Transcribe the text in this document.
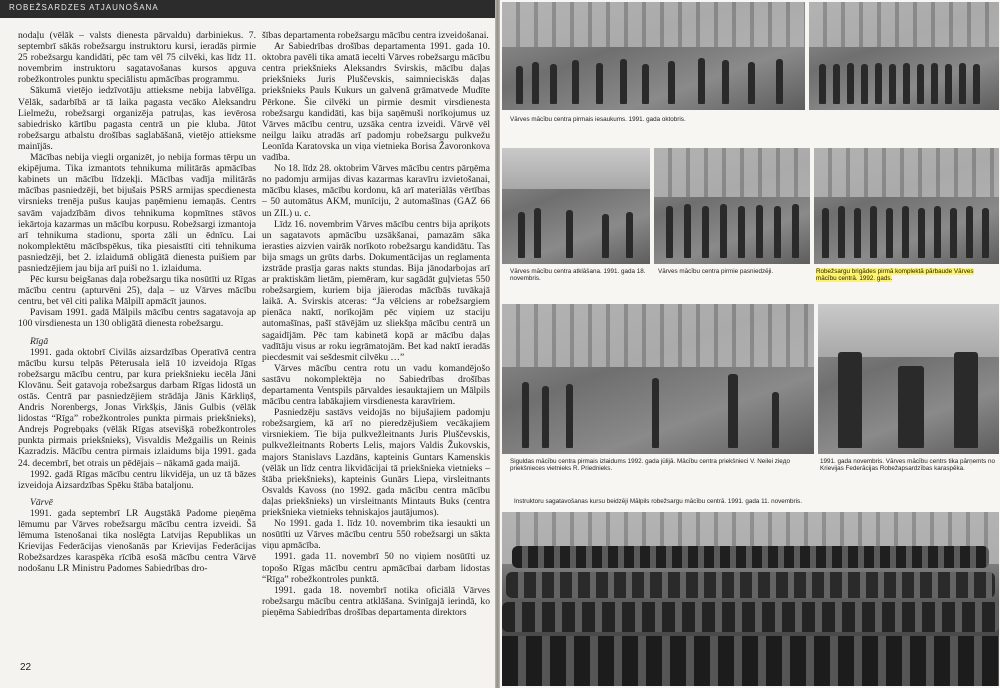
ROBEŽSARDZES ATJAUNOŠANA

nodaļu (vēlāk – valsts dienesta pārvaldu) darbiniekus. 7. septembrī sākās robežsargu instruktoru kursi, ieradās pirmie 25 robežsargu kandidāti, pēc tam vēl 75 cilvēki, kas līdz 11. novembrim instruktoru sagatavošanas kursos apguva robežkontroles punktu speciālistu apmācības programmu.

Sākumā vietējo iedzīvotāju attieksme nebija labvēlīga. Vēlāk, sadarbībā ar tā laika pagasta vecāko Aleksandru Lielmežu, robežsargi organizēja patruļas, kas ievērosa sabiedrisko kārtību pagasta centrā un pie kluba. Jūtot robežsargu atbalstu drošības saglabāšanā, vietējo attieksme mainījās.

Mācības nebija viegli organizēt, jo nebija formas tērpu un ekipējuma. Tika izmantots tehnikuma militārās apmācības kabinets un mācību līdzekļi. Mācības vadīja militārās mācības pasniedzēji, bet bijušais PSRS armijas specdienesta virsnieks trenēja pušus kaujas paņēmienu iemaņās. Centrs savām vajadzībām divos tehnikuma kopmītnes stāvos iekārtoja kazarmas un mācību korpusu. Robežsargi izmantoja arī tehnikuma stadionu, sporta zāli un ēdnīcu. Lai nokomplektētu mācībspēkus, tika piesaistīti citi tehnikuma pasniedzēji, bet 2. izlaidumā obligātā dienesta puišiem par pasniedzējiem jau bija arī puiši no 1. izlaiduma.

Pēc kursu beigšanas daļa robežsargu tika nosūtīti uz Rīgas mācību centru (apturvēni 25), daļa – uz Vārves mācību centru, bet vēl citi palika Mālpilī apmācīt jaunos.

Pavisam 1991. gadā Mālpils mācību centrs sagatavoja ap 100 virsdienesta un 130 obligātā dienesta robežsargu.

Rīgā

1991. gada oktobrī Civilās aizsardzības Operatīvā centra mācību kursu telpās Pēterusala ielā 10 izveidoja Rīgas robežsargu mācību centru, par kura priekšnieku iecēla Jāni Klovānu. Šeit gatavoja robežsargus darbam Rīgas lidostā un ostās. Centrā par pasniedzējiem strādāja Jānis Kārkliņš, Andris Norenbergs, Jonas Virkšķis, Jānis Gulbis (vēlāk lidostas “Rīga” robežkontroles punkta pirmais priekšnieks), Andrejs Pogrebņaks (vēlāk Rīgas atsevišķā robežkontroles punkta pirmais priekšnieks), Visvaldis Mežgailis un Reinis Kazradzis. Mācību centra pirmais izlaidums bija 1991. gada 24. decembrī, bet otrais un pēdējais – nākamā gada maijā.

1992. gadā Rīgas mācību centru likvidēja, un uz tā bāzes izveidoja Aizsardzības Spēku štāba bataljonu.

Vārvē

1991. gada septembrī LR Augstākā Padome pieņēma lēmumu par Vārves robežsargu mācību centra izveidi. Šā lēmuma īstenošanai tika noslēgta Latvijas Republikas un Krievijas Federācijas vienošanās par Krievijas Federācijas Robežsardzes karaspēka rīcībā esošā mācību centra Vārvē nodošanu LR Ministru Padomes Sabiedrības dro-

šības departamenta robežsargu mācību centra izveidošanai.

Ar Sabiedrības drošības departamenta 1991. gada 10. oktobra pavēli tika amatā iecelti Vārves robežsargu mācību centra priekšnieks Aleksandrs Svirskis, mācību daļas priekšnieks Juris Pluščevskis, saimnieciskās daļas priekšnieks Pauls Kukurs un galvenā grāmatvede Mudīte Pērkone. Šie cilvēki un pirmie desmit virsdienesta robežsargu kandidāti, kas bija saņēmuši norīkojumus uz Vārves mācību centru, uzsāka centra izveidi. Vārvē vēl neilgu laiku atradās arī padomju robežsargu pulkvežu Leonīda Karatovska un viņa vietnieka Borisa Žavoronkova vadība.

No 18. līdz 28. oktobrim Vārves mācību centrs pārņēma no padomju armijas divas kazarmas karavīru izvietošanai, mācību klases, mācību kordonu, kā arī materiālās vērtības – 50 automātus AKM, munīciju, 2 automašīnas (GAZ 66 un ZIL) u. c.

Līdz 16. novembrim Vārves mācību centrs bija apriķots un sagatavots apmācību uzsākšanai, pamazām sāka ierasties aizvien vairāk norīkoto robežsargu kandidātu. Tas bija smags un grūts darbs. Dokumentācijas un reglamenta izstrāde prasīja garas nakts stundas. Bija jānodarbojas arī ar praktiskām lietām, piemēram, kur sagādāt guļvietas 550 robežsargiem, kuriem bija jāierodas mācībās tuvākajā laikā. A. Svirskis atceras: “Ja vēlciens ar robežsargiem pienāca naktī, norīkojām pēc viņiem uz staciju automašīnas, pašī stāvējām uz sliekšņa mācību centrā un sagaidījām. Pēc tam kabinetā kopā ar mācību daļas vadītāju visus ar roku iegrāmatojām. Bet kad naktī ieradās piecdesmit vai sešdesmit cilvēku …”

Vārves mācību centra rotu un vadu komandējošo sastāvu nokomplektēja no Sabiedrības drošības departamenta Ventspils pārvaldes iesauktajiem un Mālpils mācību centra labākajiem virsdienesta karavīriem.

Pasniedzēju sastāvs veidojās no bijušajiem padomju robežsargiem, kā arī no pieredzējušiem vecākajiem virsniekiem. Tie bija pulkvežleitnants Juris Pluščevskis, pulkvežleitnants Roberts Lelis, majors Valdis Žukovskis, majors Stanislavs Lazdāns, kapteinis Guntars Kamenskis (vēlāk un līdz centra likvidācijai tā priekšnieka vietnieks – štāba priekšnieks), kapteinis Gunārs Liepa, virsleitnants Osvalds Kavoss (no 1992. gada mācību centra mācību daļas priekšnieks) un virsleitnants Mintauts Buks (centra priekšnieka vietnieks tehniskajos jautājumos).

No 1991. gada 1. līdz 10. novembrim tika iesaukti un nosūtīti uz Vārves mācību centru 550 robežsargi un sākta viņu apmācība.

1991. gada 11. novembrī 50 no viņiem nosūtīti uz topošo Rīgas mācību centru apmācībai darbam lidostas “Rīga” robežkontroles punktā.

1991. gada 18. novembrī notika oficiālā Vārves robežsargu mācību centra atklāšana. Svinīgajā ierindā, ko pieņēma Sabiedrības drošības departamenta direktors

22
Vārves mācību centra pirmais iesaukums. 1991. gada oktobris.
Vārves mācību centra atklāšana. 1991. gada 18. novembris.
Vārves mācību centra pirmie pasniedzēji.	Robežsargu brigādes pirmā komplektā pārbaude Vārves mācību centrā. 1992. gads.
Siguldas mācību centra pirmais izlaidums 1992. gada jūlijā. Mācību centra priekšnieci V. Neilei zieдо priekšnieces vietnieks R. Priednieks.
1991. gada novembris. Vārves mācību centrs tika pārņemts no Krievijas Federācijas Robežapsardzības karaspēka.
Instruktoru sagatavošanas kursu beidzēji Mālpils robežsargu mācību centrā. 1991. gada 11. novembris.
